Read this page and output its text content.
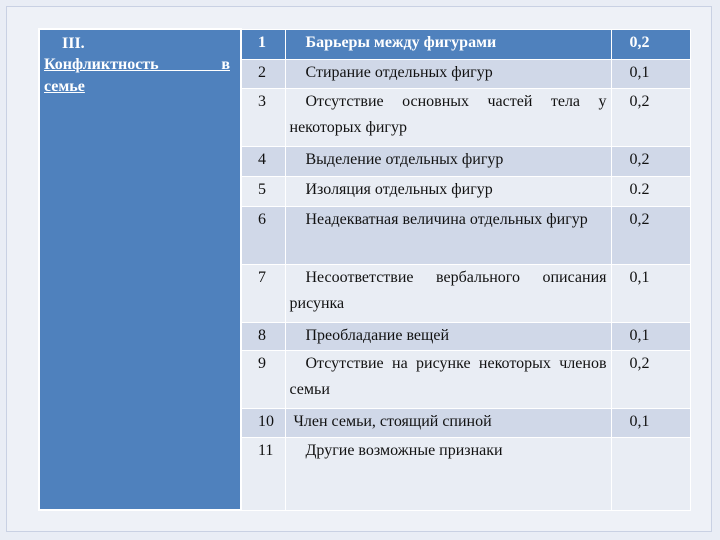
III.
Конфликтность в
семье	1	Барьеры между фигурами	0,2
	2	Стирание отдельных фигур	0,1
	3	Отсутствие основных частей тела у некоторых фигур	0,2
	4	Выделение отдельных фигур	0,2
	5	Изоляция отдельных фигур	0.2
	6	Неадекватная величина отдельных фигур	0,2
	7	Несоответствие вербального описания рисунка	0,1
	8	Преобладание вещей	0,1
	9	Отсутствие на рисунке некоторых членов семьи	0,2
	10	Член семьи, стоящий спиной	0,1
	11	Другие возможные признаки	
